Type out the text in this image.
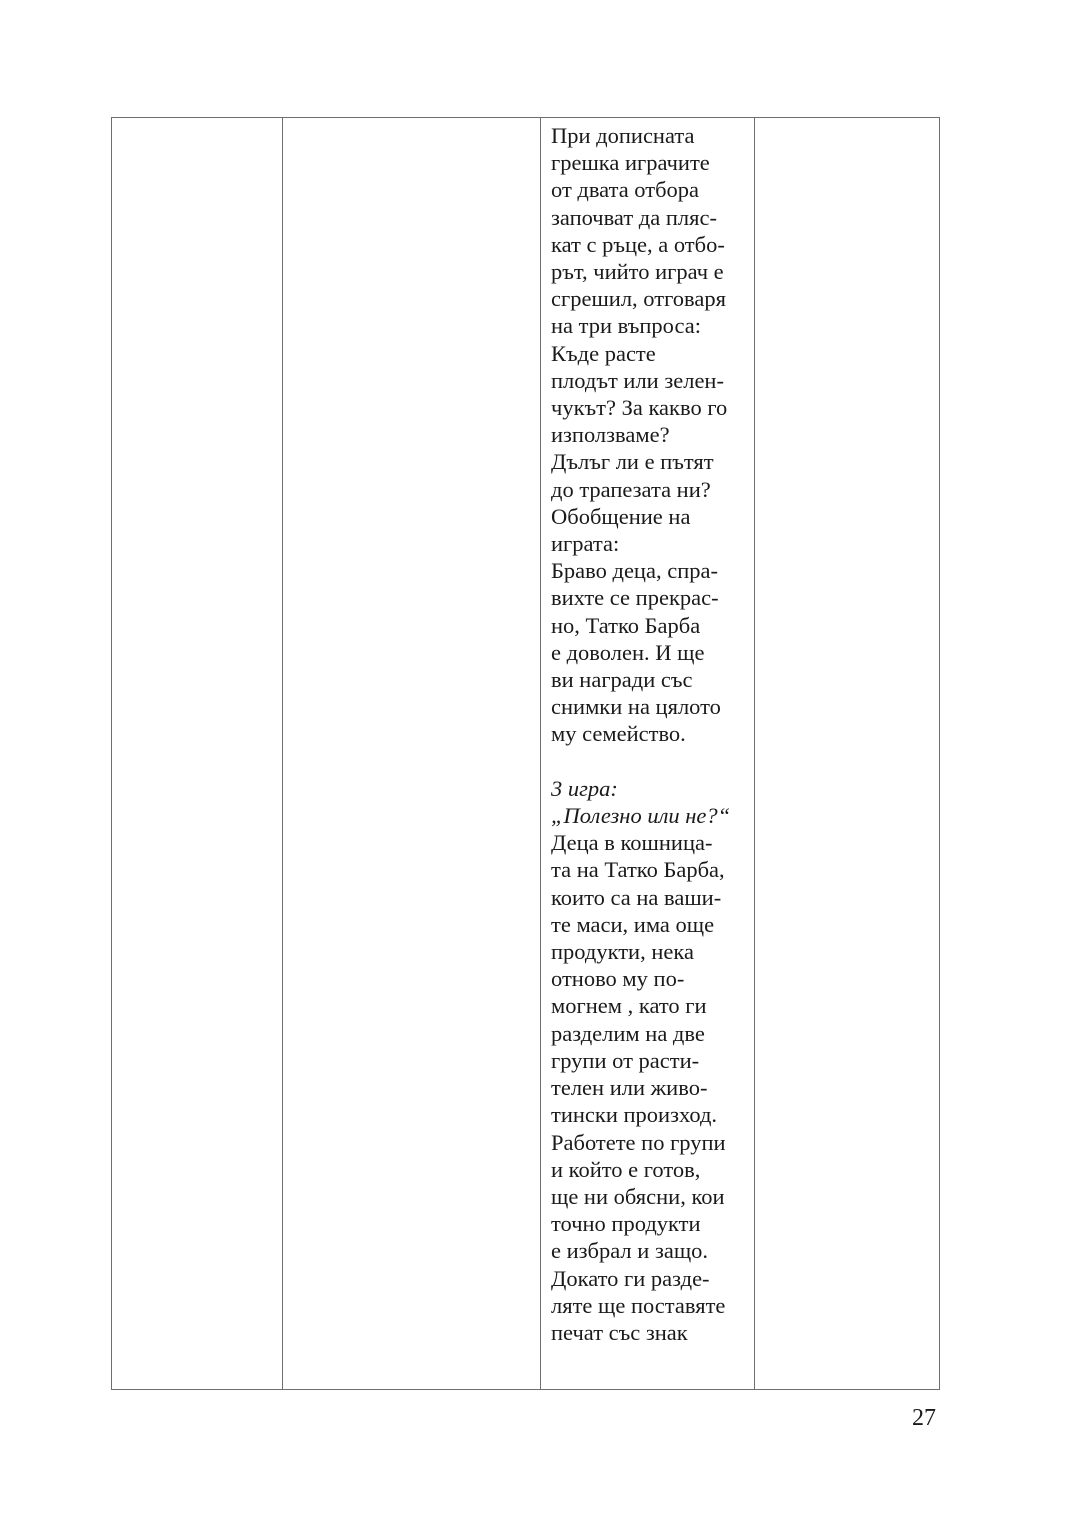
При дописната
грешка играчите
от двата отбора
започват да пляс-
кат с ръце, а отбо-
рът, чийто играч е
сгрешил, отговаря
на три въпроса:
Къде расте
плодът или зелен-
чукът? За какво го
използваме?
Дълъг ли е пътят
до трапезата ни?
Обобщение на
играта:
Браво деца, спра-
вихте се прекрас-
но, Татко Барба
е доволен. И ще
ви награди със
снимки на цялото
му семейство.
3 игра:
„Полезно или не?“
Деца в кошница-
та на Татко Барба,
които са на ваши-
те маси, има още
продукти, нека
отново му по-
могнем , като ги
разделим на две
групи от расти-
телен или живо-
тински произход.
Работете по групи
и който е готов,
ще ни обясни, кои
точно продукти
е избрал и защо.
Докато ги разде-
ляте ще поставяте
печат със знак

27
